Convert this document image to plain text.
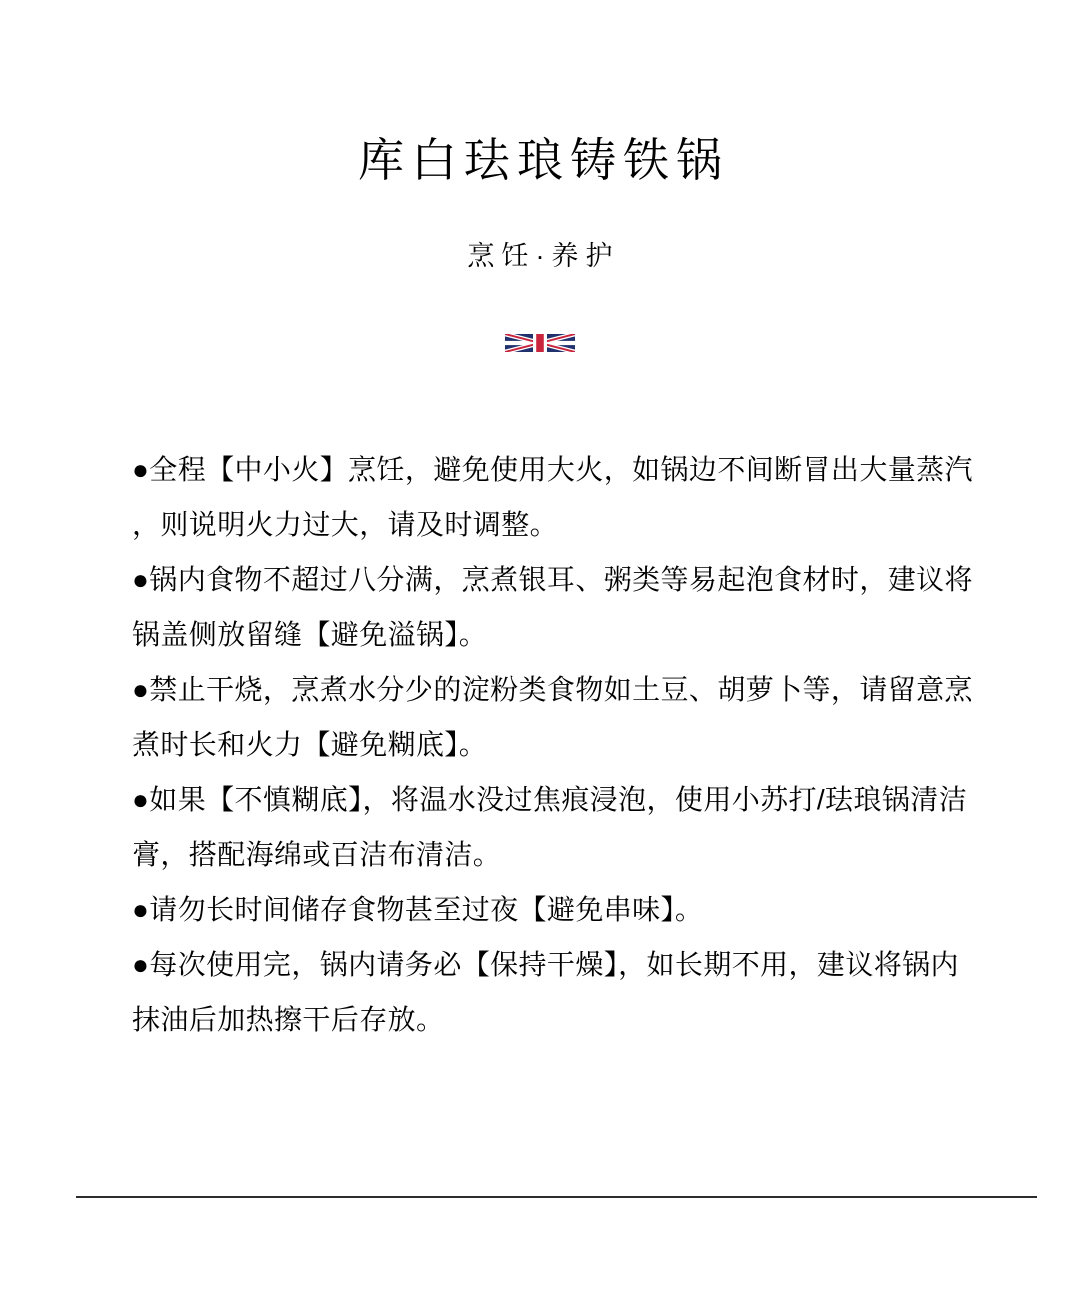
库白珐琅铸铁锅
烹饪·养护

●全程【中小火】烹饪，避免使用大火，如锅边不间断冒出大量蒸汽
，则说明火力过大，请及时调整。

●锅内食物不超过八分满，烹煮银耳、粥类等易起泡食材时，建议将
锅盖侧放留缝【避免溢锅】。

●禁止干烧，烹煮水分少的淀粉类食物如土豆、胡萝卜等，请留意烹
煮时长和火力【避免糊底】。

●如果【不慎糊底】，将温水没过焦痕浸泡，使用小苏打/珐琅锅清洁
膏，搭配海绵或百洁布清洁。

●请勿长时间储存食物甚至过夜【避免串味】。

●每次使用完，锅内请务必【保持干燥】，如长期不用，建议将锅内
抹油后加热擦干后存放。
